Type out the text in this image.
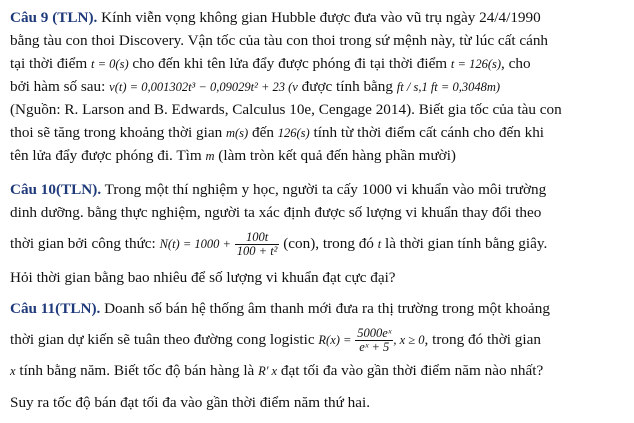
Câu 9 (TLN). Kính viễn vọng không gian Hubble được đưa vào vũ trụ ngày 24/4/1990
bằng tàu con thoi Discovery. Vận tốc của tàu con thoi trong sứ mệnh này, từ lúc cất cánh
tại thời điểm t = 0(s) cho đến khi tên lửa đẩy được phóng đi tại thời điểm t = 126(s), cho
bởi hàm số sau: v(t) = 0,001302t³ − 0,09029t² + 23 (v được tính bằng ft / s,1 ft = 0,3048m)
(Nguồn: R. Larson and B. Edwards, Calculus 10e, Cengage 2014). Biết gia tốc của tàu con
thoi sẽ tăng trong khoảng thời gian m(s) đến 126(s) tính từ thời điểm cất cánh cho đến khi
tên lửa đẩy được phóng đi. Tìm m (làm tròn kết quả đến hàng phần mười)
Câu 10(TLN). Trong một thí nghiệm y học, người ta cấy 1000 vi khuẩn vào môi trường
dinh dưỡng. bằng thực nghiệm, người ta xác định được số lượng vi khuẩn thay đổi theo
thời gian bởi công thức: $N(t) = 1000 + \frac{100t}{\text{100 + t²}} (con)$, trong đó t là thời gian tính bằng giây.
Hỏi thời gian bằng bao nhiêu để số lượng vi khuẩn đạt cực đại?
Câu 11(TLN). Doanh số bán hệ thống âm thanh mới đưa ra thị trường trong một khoảng
thời gian dự kiến sẽ tuân theo đường cong logistic $R(x) = \frac{\text{5000eˣ}}{\text{eˣ + 5}}$ , x ≥ 0, trong đó thời gian
x tính bằng năm. Biết tốc độ bán hàng là R' x đạt tối đa vào gần thời điểm năm nào nhất?
Suy ra tốc độ bán đạt tối đa vào gần thời điểm năm thứ hai.
